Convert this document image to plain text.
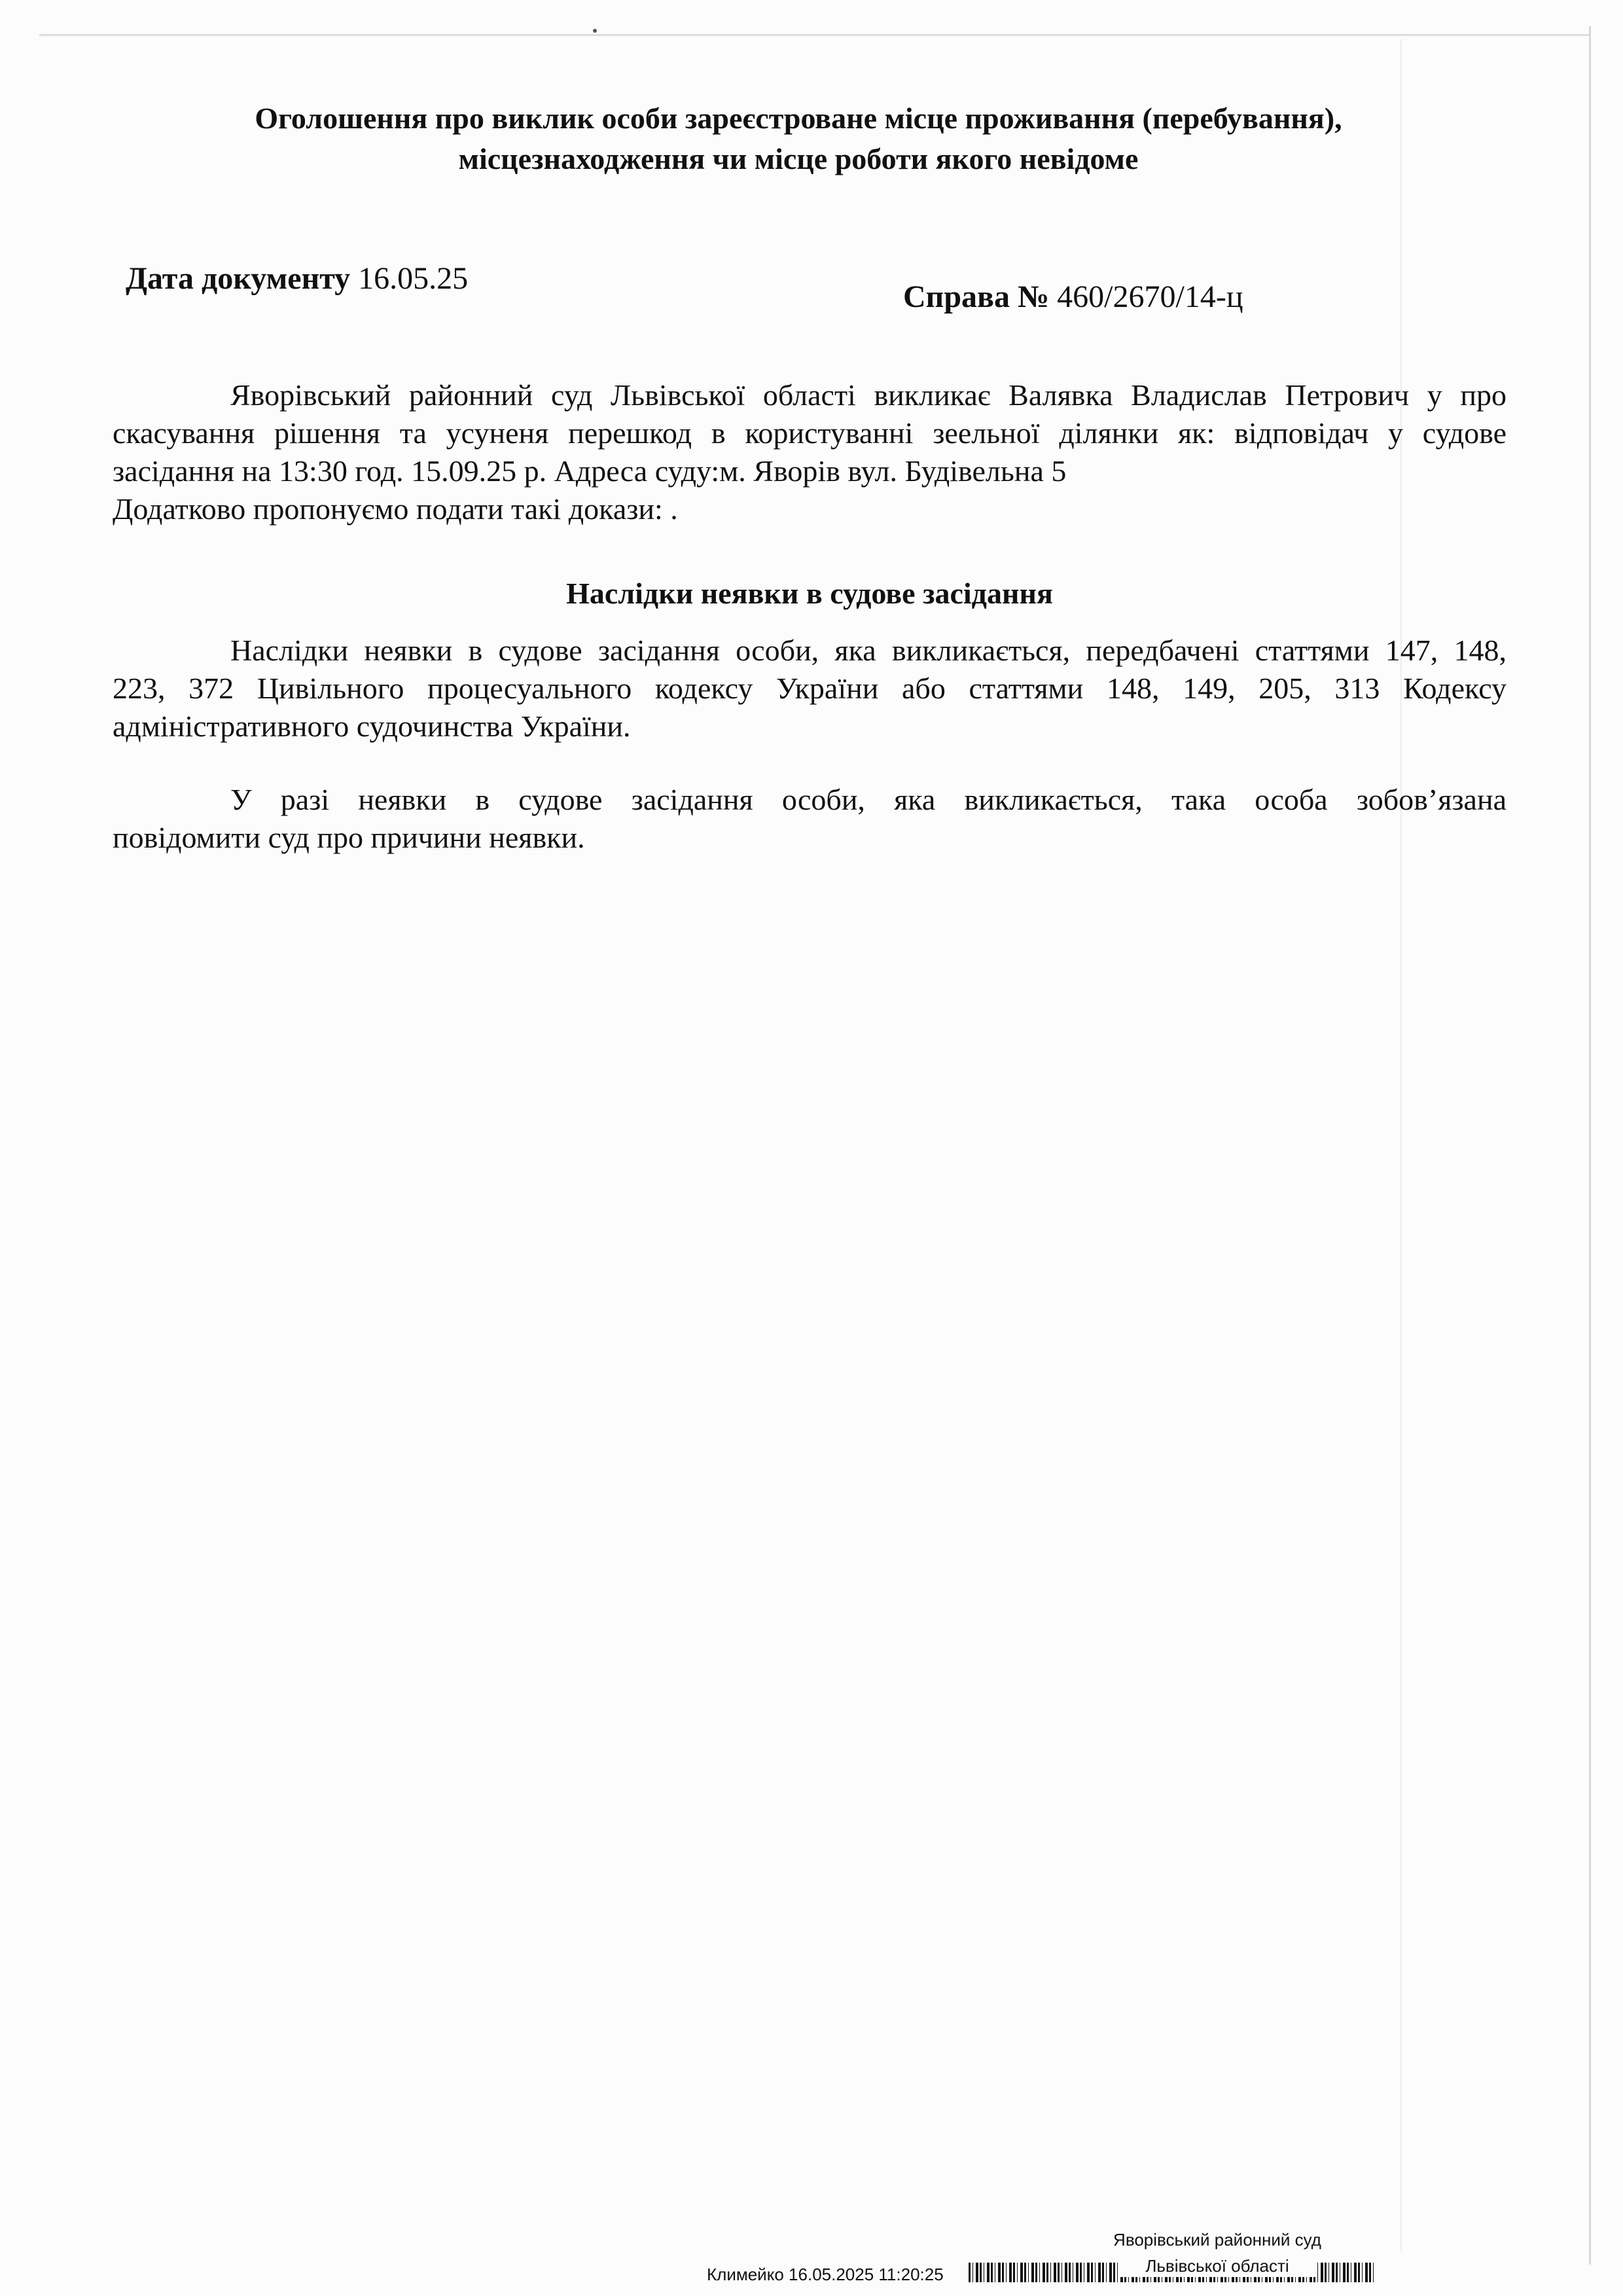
Оголошення про виклик особи зареєстроване місце проживання (перебування),
місцезнаходження чи місце роботи якого невідоме
Дата документу 16.05.25
Справа № 460/2670/14-ц
Яворівський районний суд Львівської області викликає Валявка Владислав Петрович у про
скасування рішення та усуненя перешкод в користуванні зеельної ділянки як: відповідач у судове
засідання на 13:30 год. 15.09.25 р. Адреса суду:м. Яворів вул. Будівельна 5
Додатково пропонуємо подати такі докази: .
Наслідки неявки в судове засідання
Наслідки неявки в судове засідання особи, яка викликається, передбачені статтями 147, 148,
223, 372 Цивільного процесуального кодексу України або статтями 148, 149, 205, 313 Кодексу
адміністративного судочинства України.
У разі неявки в судове засідання особи, яка викликається, така особа зобов’язана
повідомити суд про причини неявки.
Яворівський районний суд
Климейко 16.05.2025 11:20:25	Львівської області
